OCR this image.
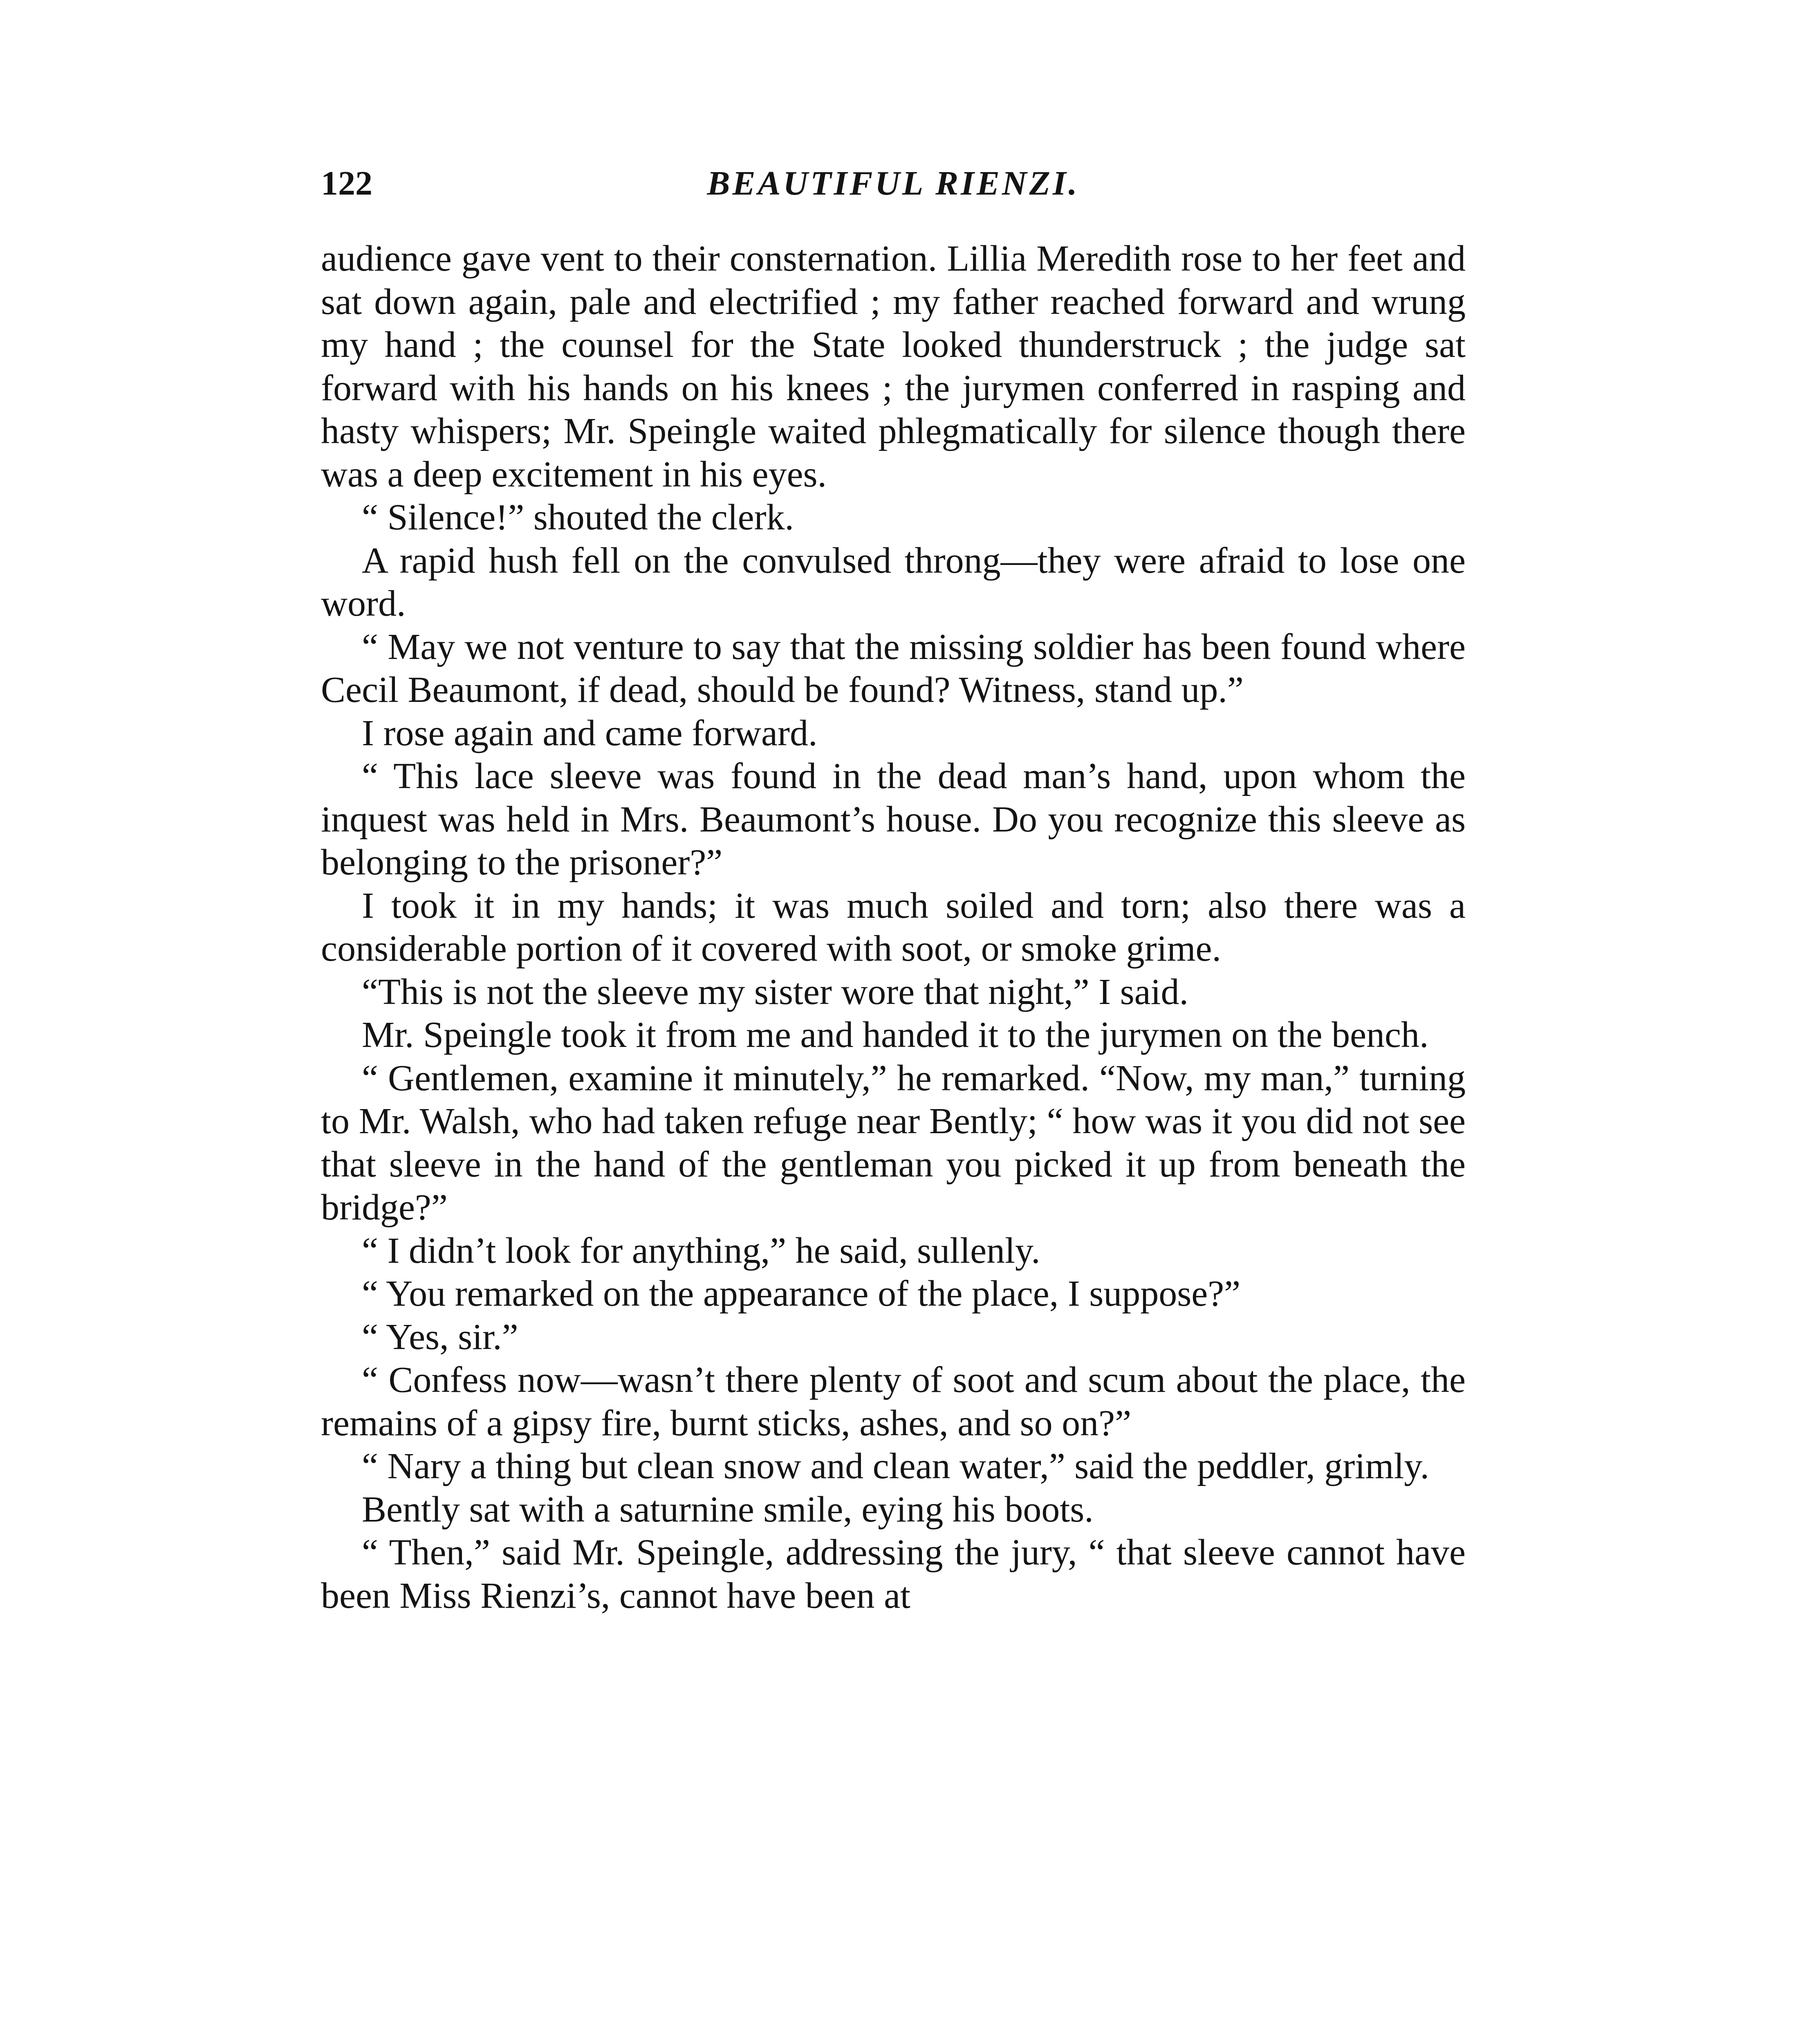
122	BEAUTIFUL RIENZI.

audience gave vent to their consternation. Lillia Meredith rose to her feet and sat down again, pale and electrified ; my father reached forward and wrung my hand ; the counsel for the State looked thunderstruck ; the judge sat forward with his hands on his knees ; the jurymen conferred in rasping and hasty whispers; Mr. Speingle waited phlegmatically for silence though there was a deep excitement in his eyes.

“ Silence!” shouted the clerk.

A rapid hush fell on the convulsed throng—they were afraid to lose one word.

“ May we not venture to say that the missing soldier has been found where Cecil Beaumont, if dead, should be found? Witness, stand up.”

I rose again and came forward.

“ This lace sleeve was found in the dead man’s hand, upon whom the inquest was held in Mrs. Beaumont’s house. Do you recognize this sleeve as belonging to the prisoner?”

I took it in my hands; it was much soiled and torn; also there was a considerable portion of it covered with soot, or smoke grime.

“This is not the sleeve my sister wore that night,” I said.

Mr. Speingle took it from me and handed it to the jurymen on the bench.

“ Gentlemen, examine it minutely,” he remarked. “Now, my man,” turning to Mr. Walsh, who had taken refuge near Bently; “ how was it you did not see that sleeve in the hand of the gentleman you picked it up from beneath the bridge?”

“ I didn’t look for anything,” he said, sullenly.

“ You remarked on the appearance of the place, I suppose?”

“ Yes, sir.”

“ Confess now—wasn’t there plenty of soot and scum about the place, the remains of a gipsy fire, burnt sticks, ashes, and so on?”

“ Nary a thing but clean snow and clean water,” said the peddler, grimly.

Bently sat with a saturnine smile, eying his boots.

“ Then,” said Mr. Speingle, addressing the jury, “ that sleeve cannot have been Miss Rienzi’s, cannot have been at
